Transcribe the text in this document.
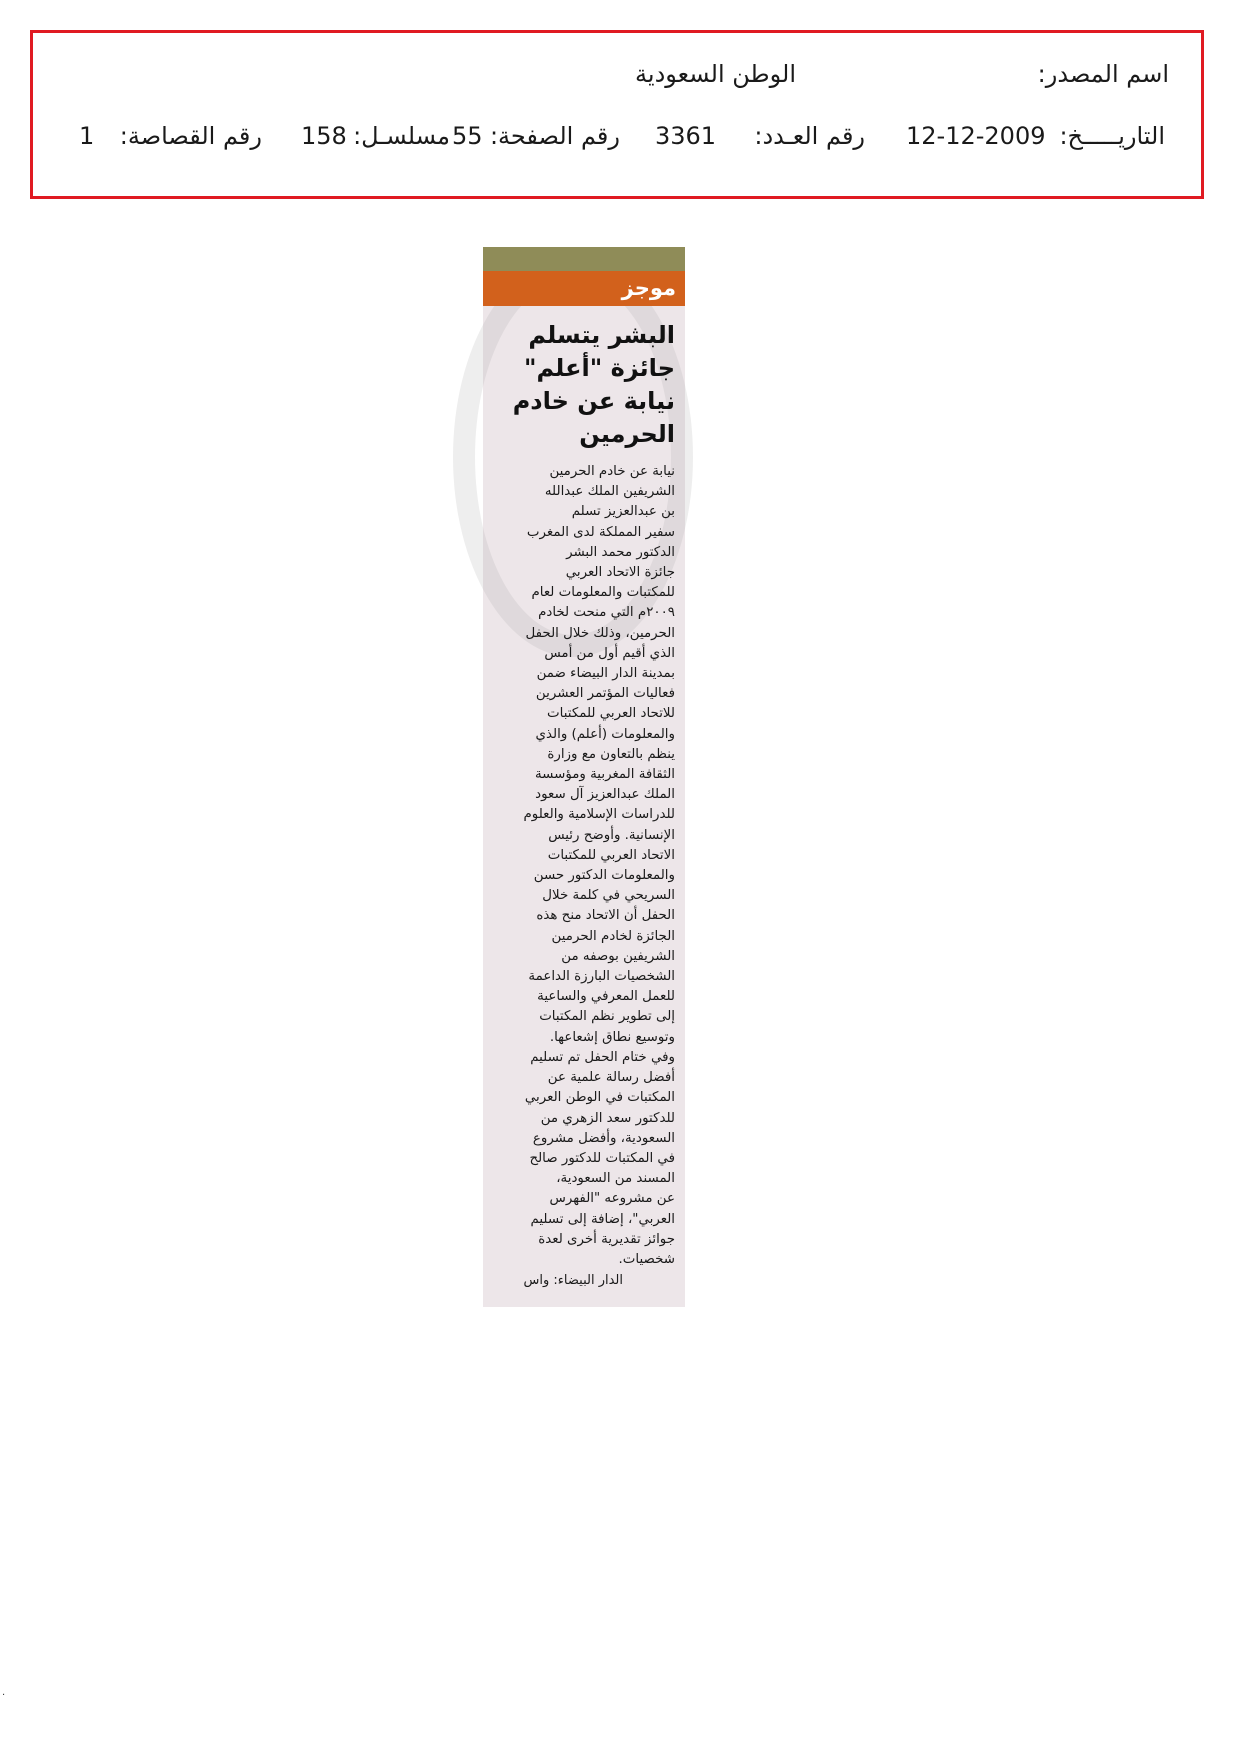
اسم المصدر:
الوطن السعودية
التاريـــــخ:
12-12-2009
رقم العـدد:
3361
رقم الصفحة:
55
مسلسـل:
158
رقم القصاصة:
1
موجز
البشر يتسلم جائزة "أعلم" نيابة عن خادم الحرمين
نيابة عن خادم الحرمين
الشريفين الملك عبدالله
بن عبدالعزيز تسلم
سفير المملكة لدى المغرب
الدكتور محمد البشر
جائزة الاتحاد العربي
للمكتبات والمعلومات لعام
٢٠٠٩م التي منحت لخادم
الحرمين، وذلك خلال الحفل
الذي أقيم أول من أمس
بمدينة الدار البيضاء ضمن
فعاليات المؤتمر العشرين
للاتحاد العربي للمكتبات
والمعلومات (أعلم) والذي
ينظم بالتعاون مع وزارة
الثقافة المغربية ومؤسسة
الملك عبدالعزيز آل سعود
للدراسات الإسلامية والعلوم
الإنسانية. وأوضح رئيس
الاتحاد العربي للمكتبات
والمعلومات الدكتور حسن
السريحي في كلمة خلال
الحفل أن الاتحاد منح هذه
الجائزة لخادم الحرمين
الشريفين بوصفه من
الشخصيات البارزة الداعمة
للعمل المعرفي والساعية
إلى تطوير نظم المكتبات
وتوسيع نطاق إشعاعها.
وفي ختام الحفل تم تسليم
أفضل رسالة علمية عن
المكتبات في الوطن العربي
للدكتور سعد الزهري من
السعودية، وأفضل مشروع
في المكتبات للدكتور صالح
المسند من السعودية،
عن مشروعه "الفهرس
العربي"، إضافة إلى تسليم
جوائز تقديرية أخرى لعدة
شخصيات.
الدار البيضاء: واس
·
